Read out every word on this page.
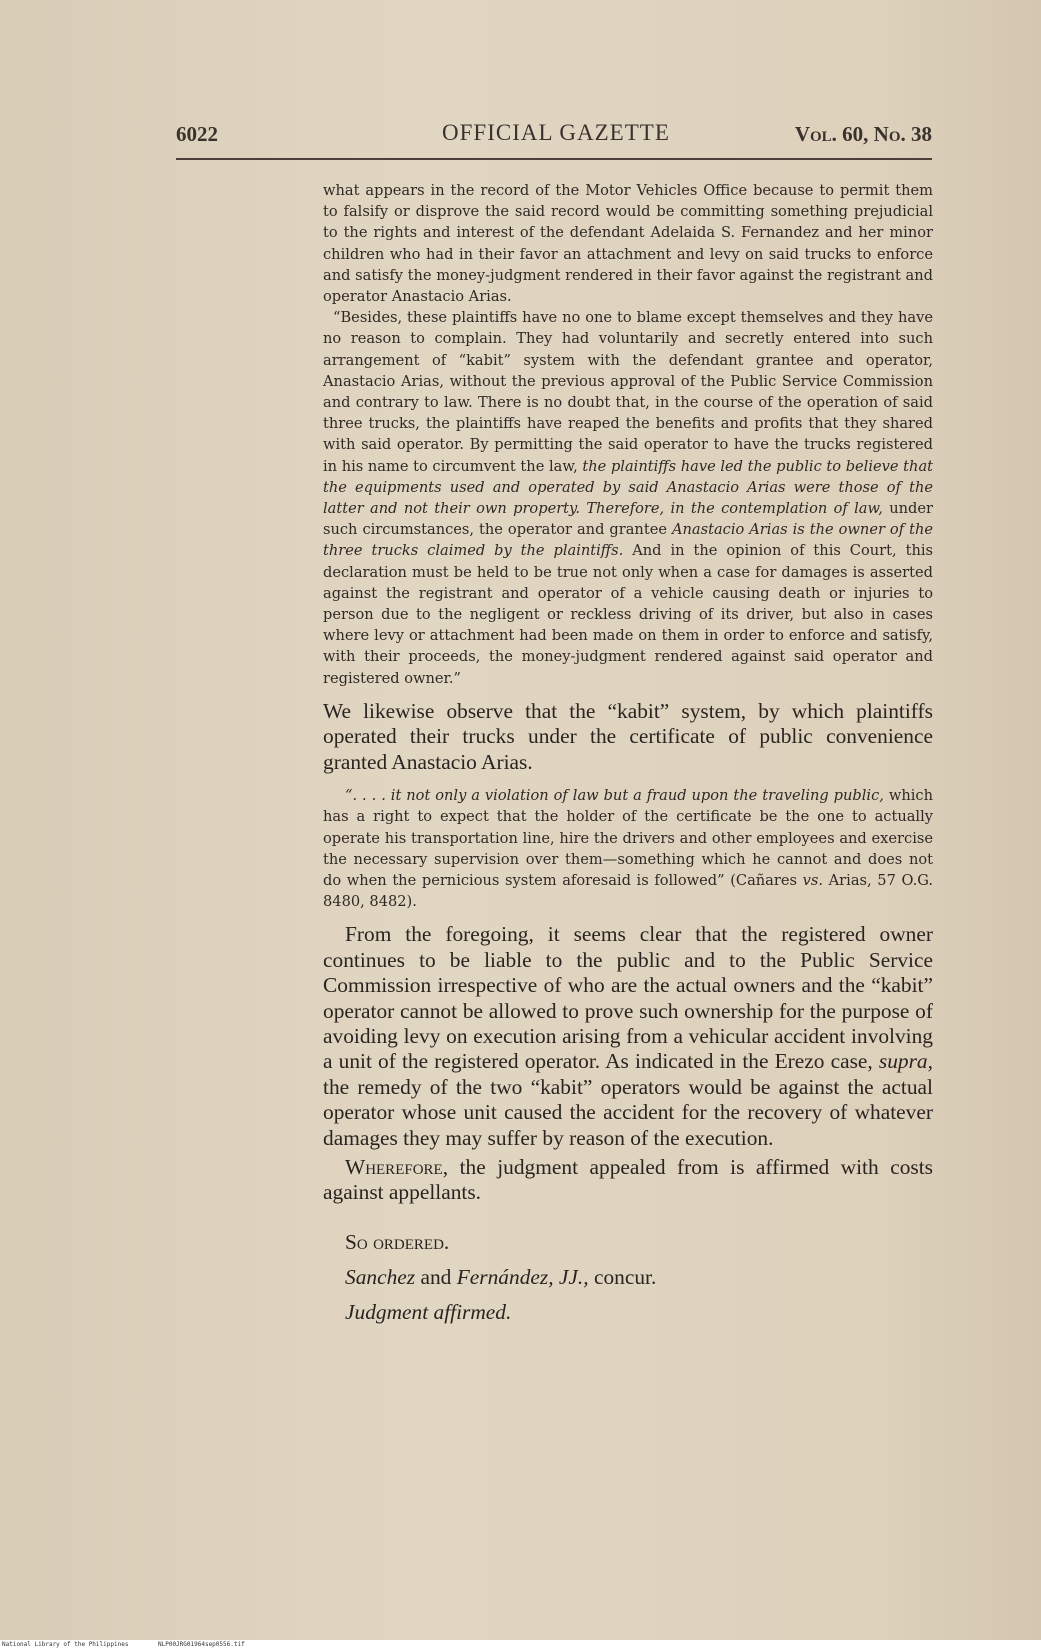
6022	OFFICIAL GAZETTE	Vol. 60, No. 38

what appears in the record of the Motor Vehicles Office because to permit them to falsify or disprove the said record would be committing something prejudicial to the rights and interest of the defendant Adelaida S. Fernandez and her minor children who had in their favor an attachment and levy on said trucks to enforce and satisfy the money-judgment rendered in their favor against the registrant and operator Anastacio Arias.

“Besides, these plaintiffs have no one to blame except themselves and they have no reason to complain. They had voluntarily and secretly entered into such arrangement of “kabit” system with the defendant grantee and operator, Anastacio Arias, without the previous approval of the Public Service Commission and contrary to law. There is no doubt that, in the course of the operation of said three trucks, the plaintiffs have reaped the benefits and profits that they shared with said operator. By permitting the said operator to have the trucks registered in his name to circumvent the law, the plaintiffs have led the public to believe that the equipments used and operated by said Anastacio Arias were those of the latter and not their own property. Therefore, in the contemplation of law, under such circumstances, the operator and grantee Anastacio Arias is the owner of the three trucks claimed by the plaintiffs. And in the opinion of this Court, this declaration must be held to be true not only when a case for damages is asserted against the registrant and operator of a vehicle causing death or injuries to person due to the negligent or reckless driving of its driver, but also in cases where levy or attachment had been made on them in order to enforce and satisfy, with their proceeds, the money-judgment rendered against said operator and registered owner.”

We likewise observe that the “kabit” system, by which plaintiffs operated their trucks under the certificate of public convenience granted Anastacio Arias.

“. . . . it not only a violation of law but a fraud upon the traveling public, which has a right to expect that the holder of the certificate be the one to actually operate his transportation line, hire the drivers and other employees and exercise the necessary supervision over them—something which he cannot and does not do when the pernicious system aforesaid is followed” (Cañares vs. Arias, 57 O.G. 8480, 8482).

From the foregoing, it seems clear that the registered owner continues to be liable to the public and to the Public Service Commission irrespective of who are the actual owners and the “kabit” operator cannot be allowed to prove such ownership for the purpose of avoiding levy on execution arising from a vehicular accident involving a unit of the registered operator. As indicated in the Erezo case, supra, the remedy of the two “kabit” operators would be against the actual operator whose unit caused the accident for the recovery of whatever damages they may suffer by reason of the execution.

Wherefore, the judgment appealed from is affirmed with costs against appellants.

So ordered.

Sanchez and Fernández, JJ., concur.

Judgment affirmed.

National Library of the Philippines	NLP00JRG01964sep0556.tif
